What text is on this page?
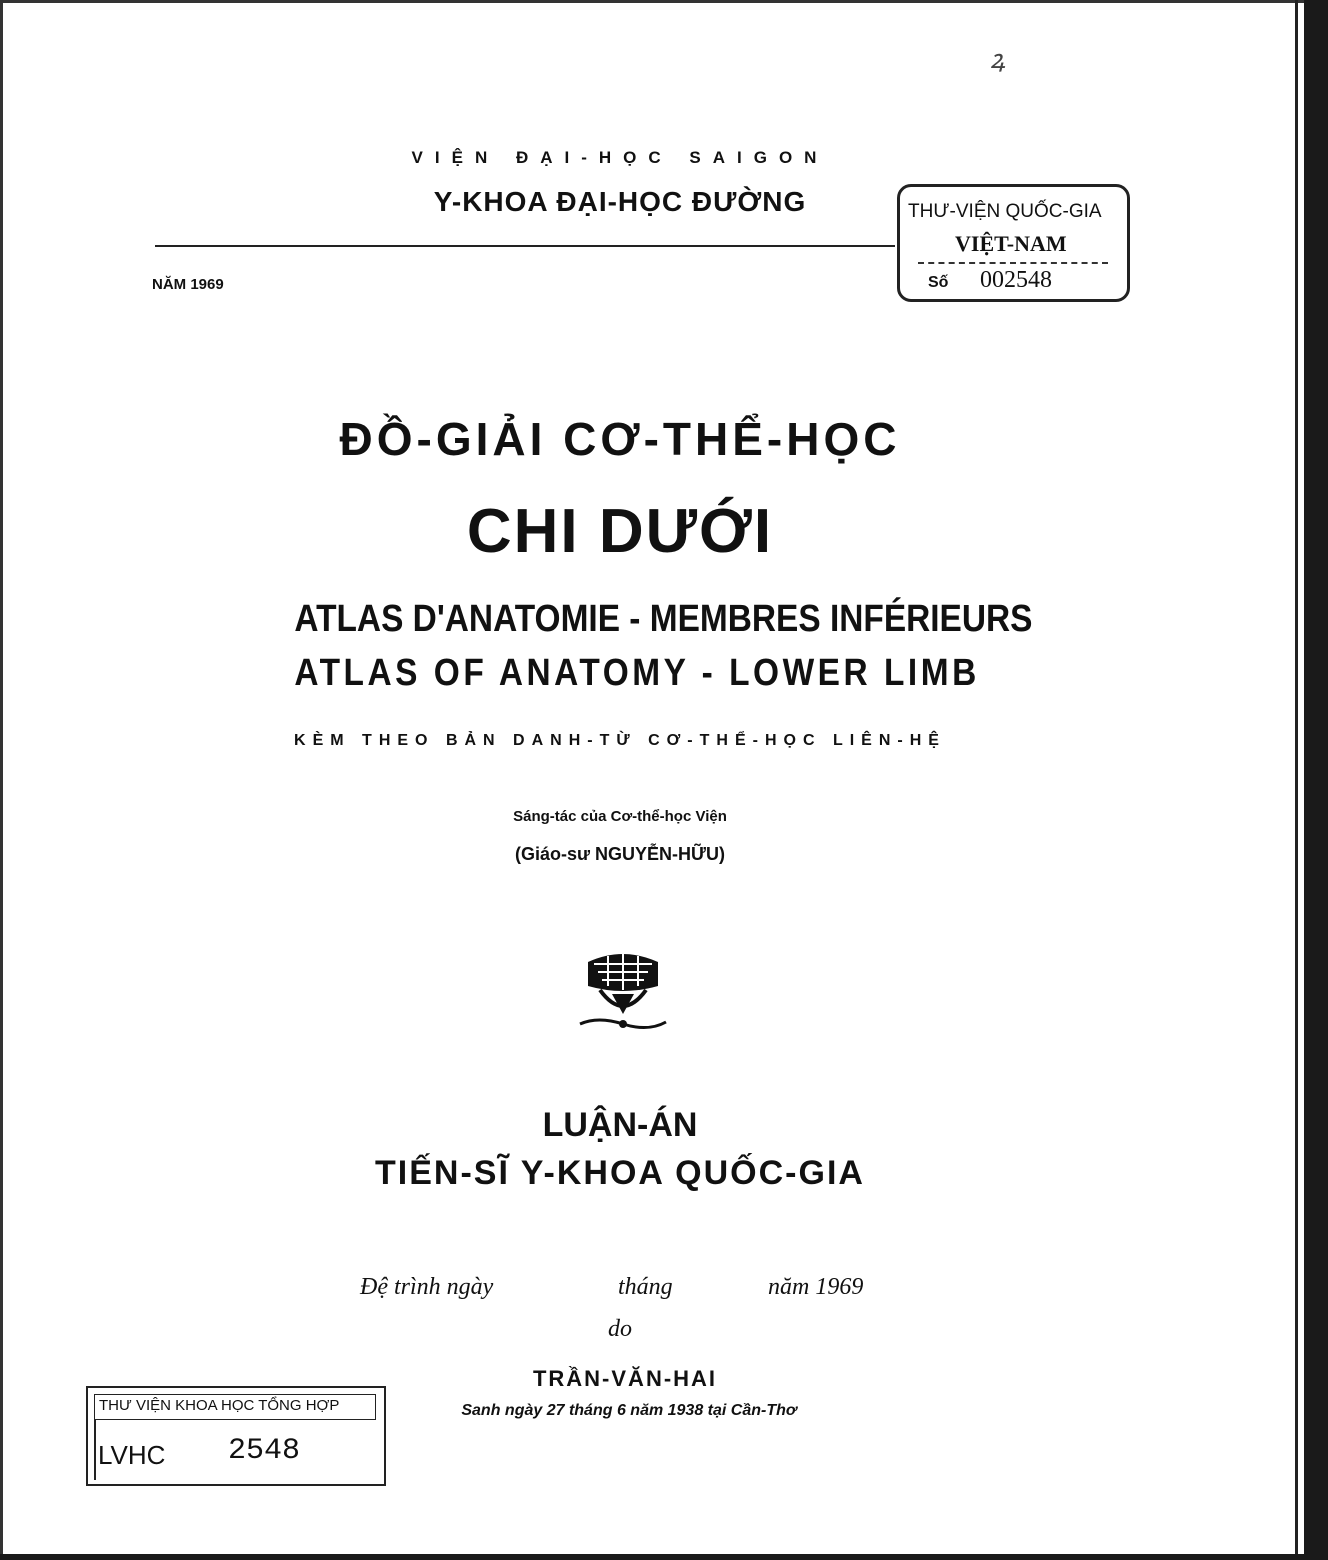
ꝝ
VIỆN ĐẠI-HỌC SAIGON
Y-KHOA ĐẠI-HỌC ĐƯỜNG
NĂM 1969
THƯ-VIỆN QUỐC-GIA
VIỆT-NAM
Số 002548
ĐỒ-GIẢI CƠ-THỂ-HỌC
CHI DƯỚI
ATLAS D'ANATOMIE - MEMBRES INFÉRIEURS
ATLAS OF ANATOMY - LOWER LIMB
KÈM THEO BẢN DANH-TỪ CƠ-THỂ-HỌC LIÊN-HỆ
Sáng-tác của Cơ-thể-học Viện
(Giáo-sư NGUYỄN-HỮU)
LUẬN-ÁN
TIẾN-SĨ Y-KHOA QUỐC-GIA
Đệ trình ngày	tháng	năm 1969
do
TRẦN-VĂN-HAI
Sanh ngày 27 tháng 6 năm 1938 tại Cần-Thơ
THƯ VIỆN KHOA HỌC TỔNG HỢP
LVHC 2548
